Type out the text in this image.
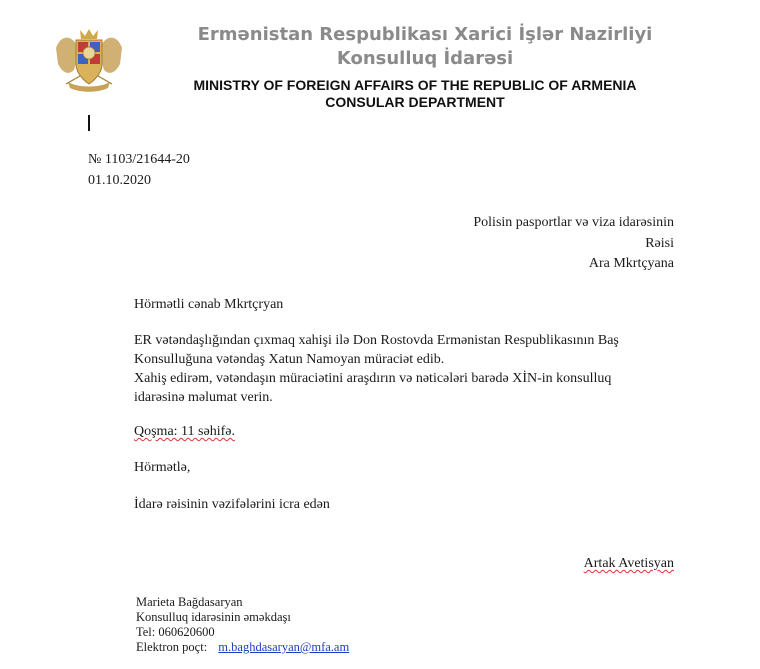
Ermənistan Respublikası Xarici İşlər Nazirliyi Konsulluq İdarəsi
MINISTRY OF FOREIGN AFFAIRS OF THE REPUBLIC OF ARMENIA CONSULAR DEPARTMENT
№ 1103/21644-20
01.10.2020
Polisin pasportlar və viza idarəsinin
Rəisi
Ara Mkrtçyana
Hörmətli cənab Mkrtçryan
ER vətəndaşlığından çıxmaq xahişi ilə Don Rostovda Ermənistan Respublikasının Baş Konsulluğuna vətəndaş Xatun Namoyan müraciət edib.
Xahiş edirəm, vətəndaşın müraciətini araşdırın və nəticələri barədə XİN-in konsulluq idarəsinə məlumat verin.
Qoşma: 11 səhifə.
Hörmətlə,
İdarə rəisinin vəzifələrini icra edən
Artak Avetisyan
Marieta Bağdasaryan
Konsulluq idarəsinin əməkdaşı
Tel: 060620600
Elektron poçt: m.baghdasaryan@mfa.am
